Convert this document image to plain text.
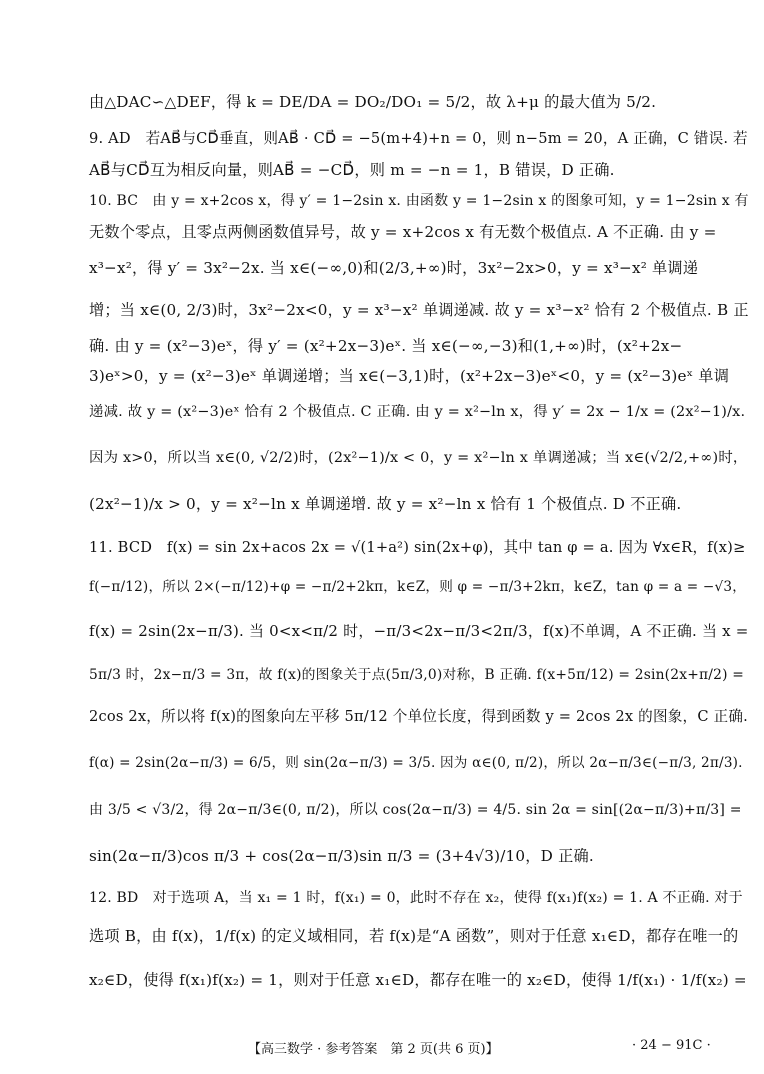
由△DAC∽△DEF，得 k = DE/DA = DO₂/DO₁ = 5/2，故 λ+μ 的最大值为 5/2.
9. AD　若AB⃗与CD⃗垂直，则AB⃗ · CD⃗ = −5(m+4)+n = 0，则 n−5m = 20，A 正确，C 错误. 若
AB⃗与CD⃗互为相反向量，则AB⃗ = −CD⃗，则 m = −n = 1，B 错误，D 正确.
10. BC　由 y = x+2cos x，得 y′ = 1−2sin x. 由函数 y = 1−2sin x 的图象可知，y = 1−2sin x 有
无数个零点，且零点两侧函数值异号，故 y = x+2cos x 有无数个极值点. A 不正确. 由 y =
x³−x²，得 y′ = 3x²−2x. 当 x∈(−∞,0)和(2/3,+∞)时，3x²−2x>0，y = x³−x² 单调递
增；当 x∈(0, 2/3)时，3x²−2x<0，y = x³−x² 单调递减. 故 y = x³−x² 恰有 2 个极值点. B 正
确. 由 y = (x²−3)eˣ，得 y′ = (x²+2x−3)eˣ. 当 x∈(−∞,−3)和(1,+∞)时，(x²+2x−
3)eˣ>0，y = (x²−3)eˣ 单调递增；当 x∈(−3,1)时，(x²+2x−3)eˣ<0，y = (x²−3)eˣ 单调
递减. 故 y = (x²−3)eˣ 恰有 2 个极值点. C 正确. 由 y = x²−ln x，得 y′ = 2x − 1/x = (2x²−1)/x.
因为 x>0，所以当 x∈(0, √2/2)时，(2x²−1)/x < 0，y = x²−ln x 单调递减；当 x∈(√2/2,+∞)时，
(2x²−1)/x > 0，y = x²−ln x 单调递增. 故 y = x²−ln x 恰有 1 个极值点. D 不正确.
11. BCD　f(x) = sin 2x+acos 2x = √(1+a²) sin(2x+φ)，其中 tan φ = a. 因为 ∀x∈R，f(x)≥
f(−π/12)，所以 2×(−π/12)+φ = −π/2+2kπ，k∈Z，则 φ = −π/3+2kπ，k∈Z，tan φ = a = −√3，
f(x) = 2sin(2x−π/3). 当 0<x<π/2 时，−π/3<2x−π/3<2π/3，f(x)不单调，A 不正确. 当 x =
5π/3 时，2x−π/3 = 3π，故 f(x)的图象关于点(5π/3,0)对称，B 正确. f(x+5π/12) = 2sin(2x+π/2) =
2cos 2x，所以将 f(x)的图象向左平移 5π/12 个单位长度，得到函数 y = 2cos 2x 的图象，C 正确.
f(α) = 2sin(2α−π/3) = 6/5，则 sin(2α−π/3) = 3/5. 因为 α∈(0, π/2)，所以 2α−π/3∈(−π/3, 2π/3).
由 3/5 < √3/2，得 2α−π/3∈(0, π/2)，所以 cos(2α−π/3) = 4/5. sin 2α = sin[(2α−π/3)+π/3] =
sin(2α−π/3)cos π/3 + cos(2α−π/3)sin π/3 = (3+4√3)/10，D 正确.
12. BD　对于选项 A，当 x₁ = 1 时，f(x₁) = 0，此时不存在 x₂，使得 f(x₁)f(x₂) = 1. A 不正确. 对于
选项 B，由 f(x)，1/f(x) 的定义域相同，若 f(x)是“A 函数”，则对于任意 x₁∈D，都存在唯一的
x₂∈D，使得 f(x₁)f(x₂) = 1，则对于任意 x₁∈D，都存在唯一的 x₂∈D，使得 1/f(x₁) · 1/f(x₂) =
【高三数学 · 参考答案　第 2 页(共 6 页)】	· 24 − 91C ·
